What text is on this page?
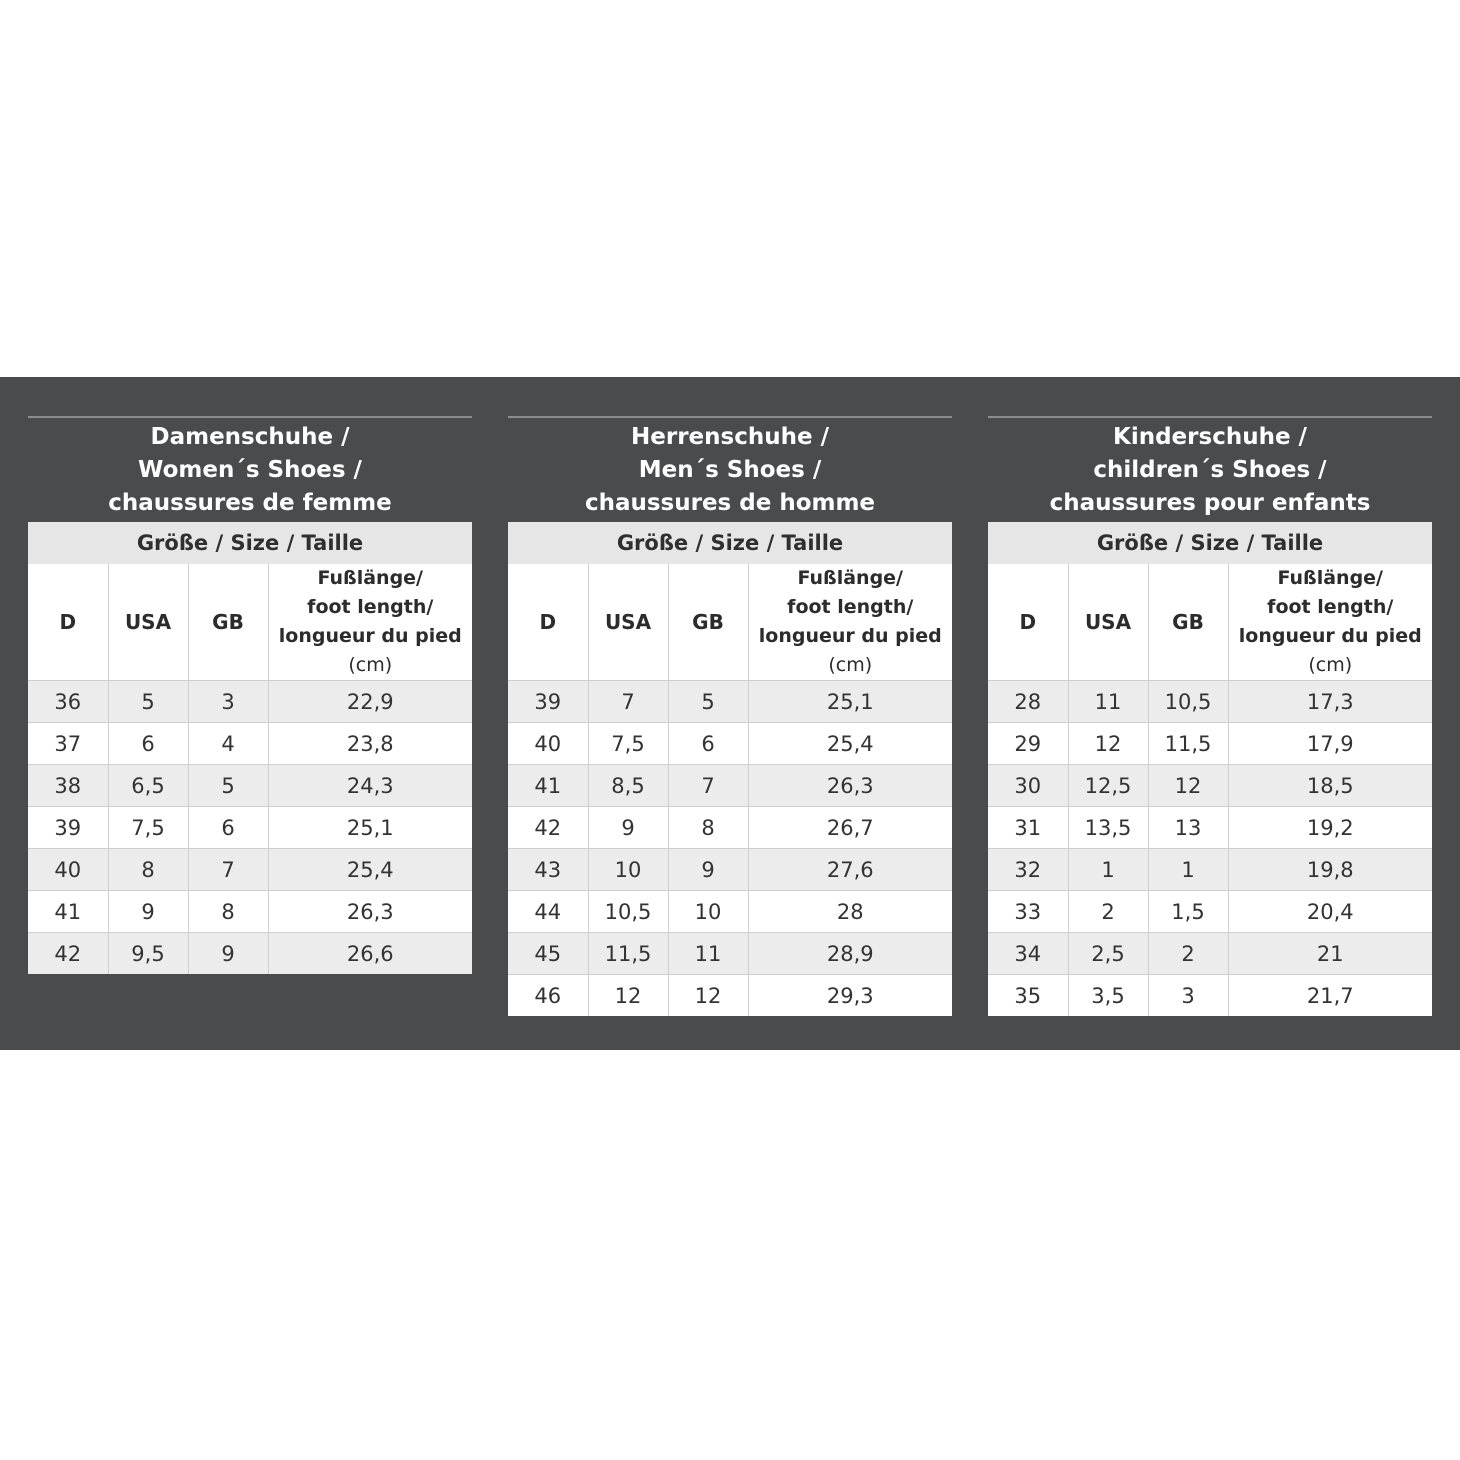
Damenschuhe /
Women´s Shoes /
chaussures de femme
Größe / Size / Taille
D	USA	GB	Fußlänge/
foot length/
longueur du pied
(cm)

36	5	3	22,9
37	6	4	23,8
38	6,5	5	24,3
39	7,5	6	25,1
40	8	7	25,4
41	9	8	26,3
42	9,5	9	26,6
Herrenschuhe /
Men´s Shoes /
chaussures de homme
Größe / Size / Taille
D	USA	GB	Fußlänge/
foot length/
longueur du pied
(cm)

39	7	5	25,1
40	7,5	6	25,4
41	8,5	7	26,3
42	9	8	26,7
43	10	9	27,6
44	10,5	10	28
45	11,5	11	28,9
46	12	12	29,3
Kinderschuhe /
children´s Shoes /
chaussures pour enfants
Größe / Size / Taille
D	USA	GB	Fußlänge/
foot length/
longueur du pied
(cm)

28	11	10,5	17,3
29	12	11,5	17,9
30	12,5	12	18,5
31	13,5	13	19,2
32	1	1	19,8
33	2	1,5	20,4
34	2,5	2	21
35	3,5	3	21,7
